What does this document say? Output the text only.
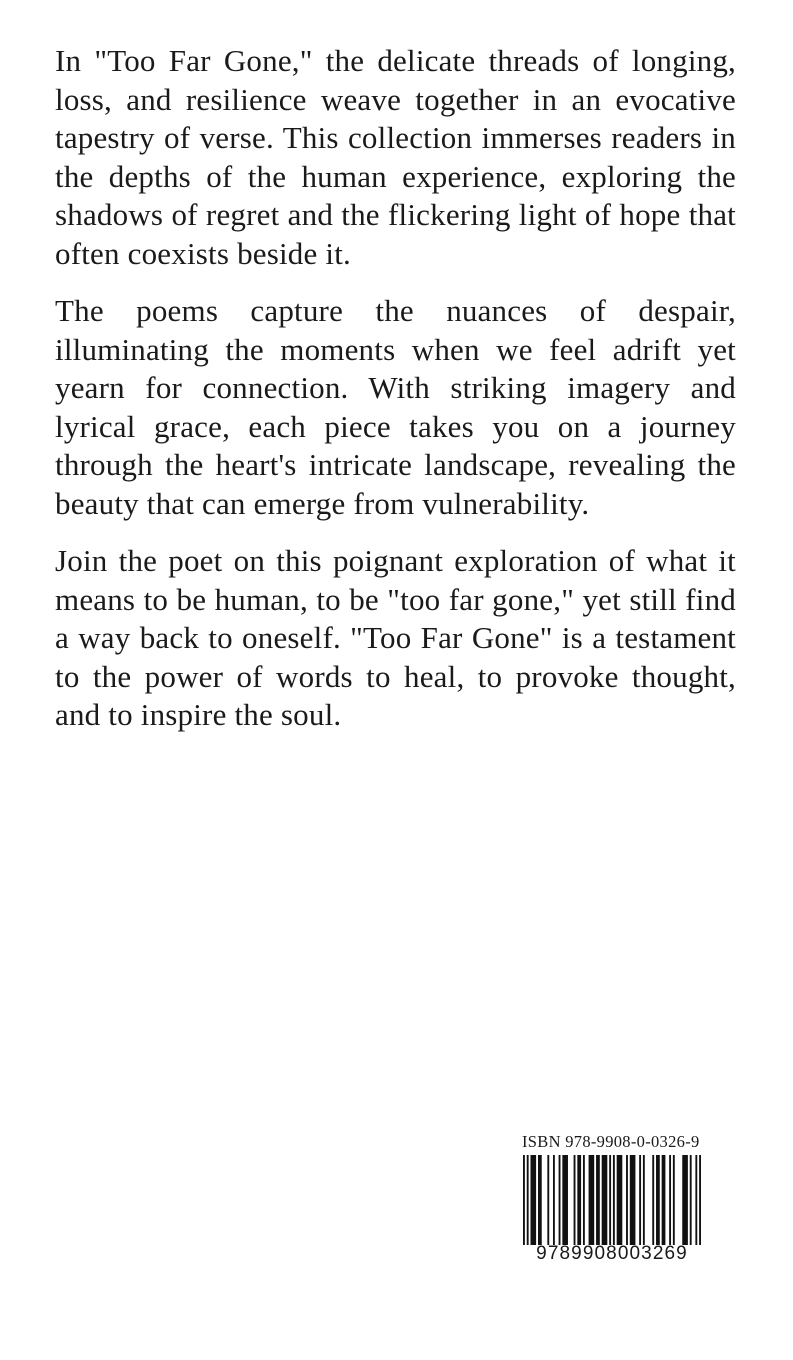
In "Too Far Gone," the delicate threads of longing, loss, and resilience weave together in an evocative tapestry of verse. This collection immerses readers in the depths of the human experience, exploring the shadows of regret and the flickering light of hope that often coexists beside it.

The poems capture the nuances of despair, illuminating the moments when we feel adrift yet yearn for connection. With striking imagery and lyrical grace, each piece takes you on a journey through the heart's intricate landscape, revealing the beauty that can emerge from vulnerability.

Join the poet on this poignant exploration of what it means to be human, to be "too far gone," yet still find a way back to oneself. "Too Far Gone" is a testament to the power of words to heal, to provoke thought, and to inspire the soul.

ISBN 978-9908-0-0326-9
9789908003269
